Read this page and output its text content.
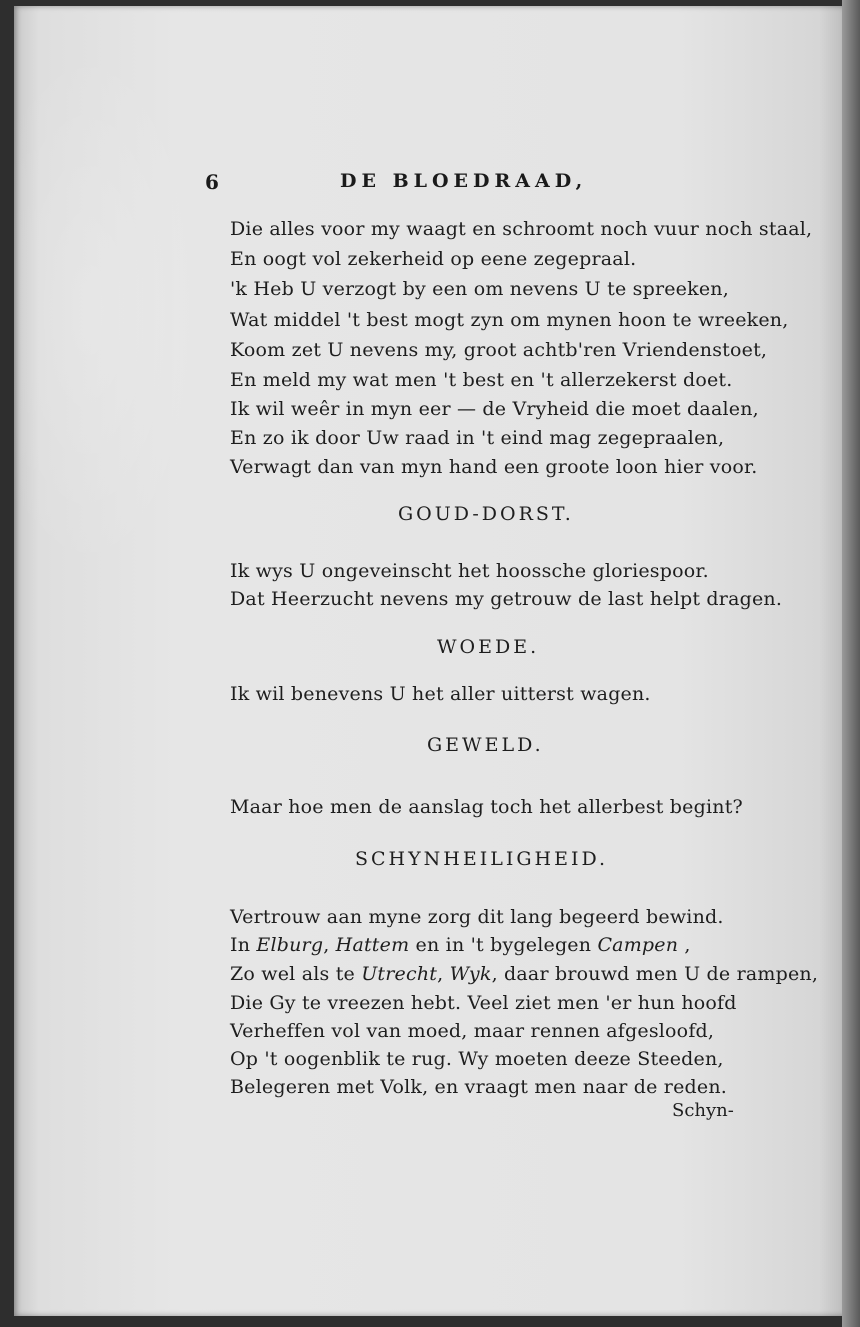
6	DE BLOEDRAAD,
Die alles voor my waagt en schroomt noch vuur noch staal,
En oogt vol zekerheid op eene zegepraal.
'k Heb U verzogt by een om nevens U te spreeken,
Wat middel 't best mogt zyn om mynen hoon te wreeken,
Koom zet U nevens my, groot achtb'ren Vriendenstoet,
En meld my wat men 't best en 't allerzekerst doet.
Ik wil weêr in myn eer — de Vryheid die moet daalen,
En zo ik door Uw raad in 't eind mag zegepraalen,
Verwagt dan van myn hand een groote loon hier voor.
GOUD-DORST.
Ik wys U ongeveinscht het hoossche gloriespoor.
Dat Heerzucht nevens my getrouw de last helpt dragen.
WOEDE.
Ik wil benevens U het aller uitterst wagen.
GEWELD.
Maar hoe men de aanslag toch het allerbest begint?
SCHYNHEILIGHEID.
Vertrouw aan myne zorg dit lang begeerd bewind.
In Elburg, Hattem en in 't bygelegen Campen ,
Zo wel als te Utrecht, Wyk, daar brouwd men U de rampen,
Die Gy te vreezen hebt. Veel ziet men 'er hun hoofd
Verheffen vol van moed, maar rennen afgesloofd,
Op 't oogenblik te rug. Wy moeten deeze Steeden,
Belegeren met Volk, en vraagt men naar de reden.
Schyn-
